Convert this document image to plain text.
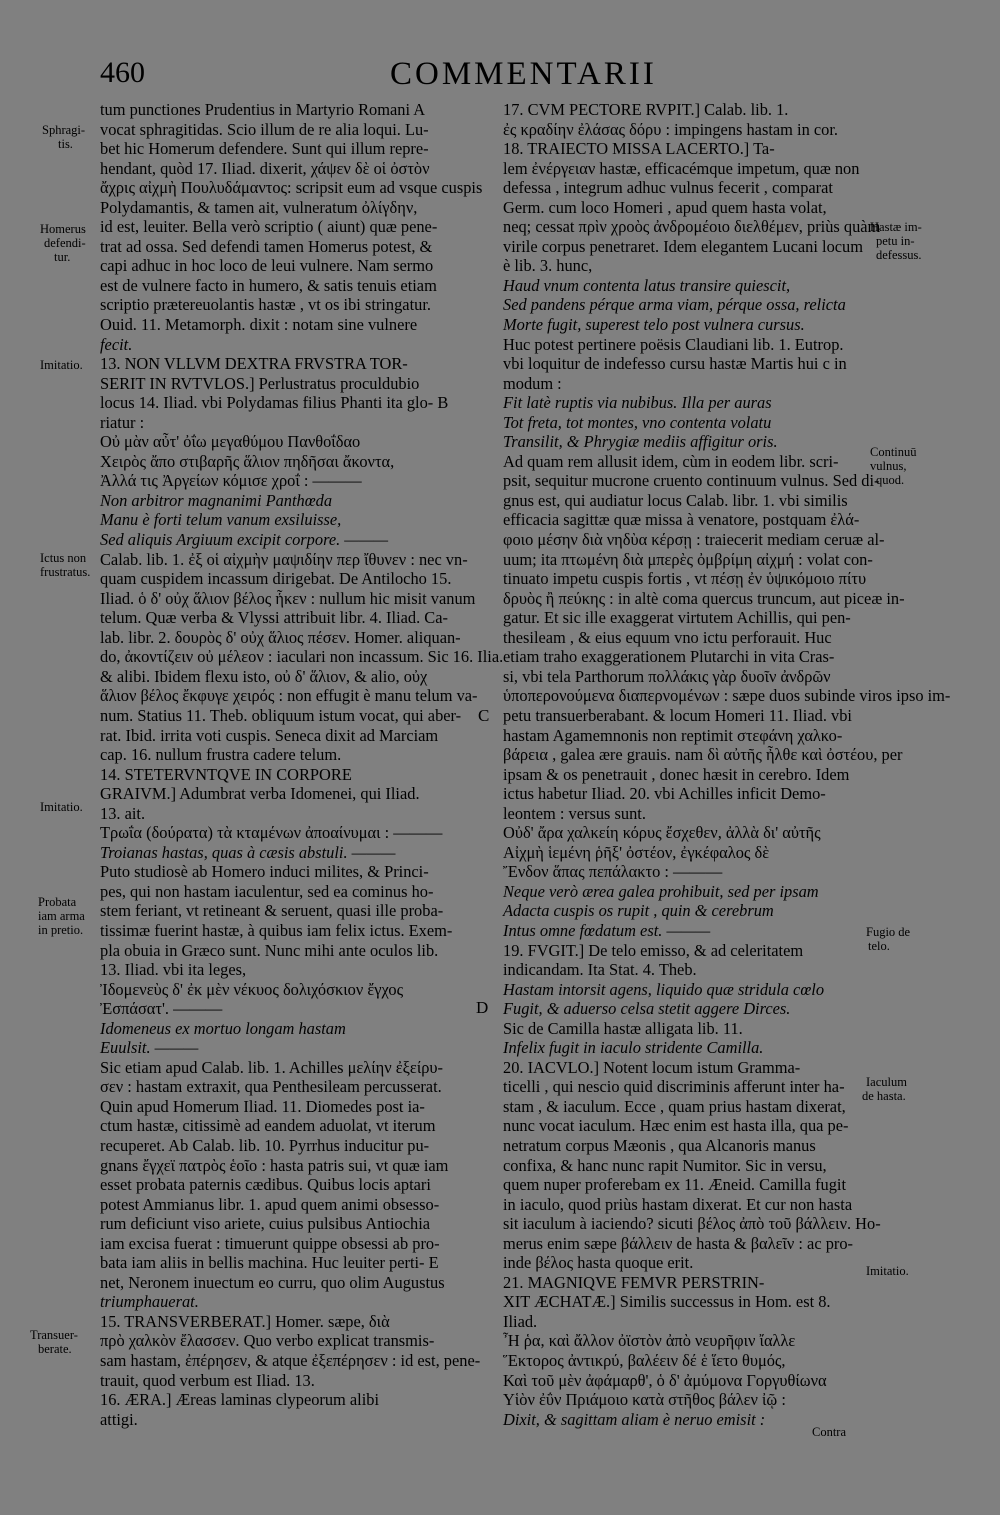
460	COMMENTARII
tum punctiones Prudentius in Martyrio Romani A
vocat sphragitidas. Scio illum de re alia loqui. Lu-
bet hic Homerum defendere. Sunt qui illum repre-
hendant, quòd 17. Iliad. dixerit, χάψεν δὲ οἱ ὀστὸν
ἄχρις αἰχμὴ Πουλυδάμαντος: scripsit eum ad vsque cuspis
Polydamantis, & tamen ait, vulneratum ὀλίγδην,
id est, leuiter. Bella verò scriptio ( aiunt) quæ pene-
trat ad ossa. Sed defendi tamen Homerus potest, &
capi adhuc in hoc loco de leui vulnere. Nam sermo
est de vulnere facto in humero, & satis tenuis etiam
scriptio prætereuolantis hastæ , vt os ibi stringatur.
Ouid. 11. Metamorph. dixit : notam sine vulnere
fecit.
13. NON VLLVM DEXTRA FRVSTRA TOR-
SERIT IN RVTVLOS.] Perlustratus proculdubio
locus 14. Iliad. vbi Polydamas filius Phanti ita glo- B
riatur :
Οὐ μὰν αὖτ' ὀΐω μεγαθύμου Πανθοΐδαο
Χειρὸς ἄπο στιβαρῆς ἅλιον πηδῆσαι ἄκοντα,
Ἀλλά τις Ἀργείων κόμισε χροΐ : ———
Non arbitror magnanimi Panthœda
Manu è forti telum vanum exsiluisse,
Sed aliquis Argiuum excipit corpore. ———
Calab. lib. 1. ἐξ οἱ αἰχμὴν μαψιδίην περ ἴθυνεν : nec vn-
quam cuspidem incassum dirigebat. De Antilocho 15.
Iliad. ὁ δ' οὐχ ἅλιον βέλος ἧκεν : nullum hic misit vanum
telum. Quæ verba & Vlyssi attribuit libr. 4. Iliad. Ca-
lab. libr. 2. δουρὸς δ' οὐχ ἅλιος πέσεν. Homer. aliquan-
do, ἀκοντίζειν οὐ μέλεον : iaculari non incassum. Sic 16. Ilia.
& alibi. Ibidem flexu isto, οὐ δ' ἅλιον, & alio, οὐχ
ἅλιον βέλος ἔκφυγε χειρός : non effugit è manu telum va-
num. Statius 11. Theb. obliquum istum vocat, qui aber-
rat. Ibid. irrita voti cuspis. Seneca dixit ad Marciam
cap. 16. nullum frustra cadere telum.
14. STETERVNTQVE IN CORPORE
GRAIVM.] Adumbrat verba Idomenei, qui Iliad.
13. ait.
Τρωΐα (δούρατα) τὰ κταμένων ἀποαίνυμαι : ———
Troianas hastas, quas à cæsis abstuli. ———
Puto studiosè ab Homero induci milites, & Princi-
pes, qui non hastam iaculentur, sed ea cominus ho-
stem feriant, vt retineant & seruent, quasi ille proba-
tissimæ fuerint hastæ, à quibus iam felix ictus. Exem-
pla obuia in Græco sunt. Nunc mihi ante oculos lib.
13. Iliad. vbi ita leges,
Ἰδομενεὺς δ' ἐκ μὲν νέκυος δολιχόσκιον ἔγχος
Ἐσπάσατ'. ———
Idomeneus ex mortuo longam hastam
Euulsit. ———
Sic etiam apud Calab. lib. 1. Achilles μελίην ἐξείρυ-
σεν : hastam extraxit, qua Penthesileam percusserat.
Quin apud Homerum Iliad. 11. Diomedes post ia-
ctum hastæ, citissimè ad eandem aduolat, vt iterum
recuperet. Ab Calab. lib. 10. Pyrrhus inducitur pu-
gnans ἔγχεϊ πατρὸς ἑοῖο : hasta patris sui, vt quæ iam
esset probata paternis cædibus. Quibus locis aptari
potest Ammianus libr. 1. apud quem animi obsesso-
rum deficiunt viso ariete, cuius pulsibus Antiochia
iam excisa fuerat : timuerunt quippe obsessi ab pro-
bata iam aliis in bellis machina. Huc leuiter perti- E
net, Neronem inuectum eo curru, quo olim Augustus
triumphauerat.
15. TRANSVERBERAT.] Homer. sæpe, διὰ
πρὸ χαλκὸν ἔλασσεν. Quo verbo explicat transmis-
sam hastam, ἐπέρησεν, & atque ἐξεπέρησεν : id est, pene-
trauit, quod verbum est Iliad. 13.
16. ÆRA.] Æreas laminas clypeorum alibi
attigi.
17. CVM PECTORE RVPIT.] Calab. lib. 1.
ἐς κραδίην ἐλάσας δόρυ : impingens hastam in cor.
18. TRAIECTO MISSA LACERTO.] Ta-
lem ἐνέργειαν hastæ, efficacémque impetum, quæ non
defessa , integrum adhuc vulnus fecerit , comparat
Germ. cum loco Homeri , apud quem hasta volat,
neq; cessat πρὶν χροὸς ἀνδρομέοιο διελθέμεν, priùs quàm
virile corpus penetraret. Idem elegantem Lucani locum
è lib. 3. hunc,
Haud vnum contenta latus transire quiescit,
Sed pandens pérque arma viam, pérque ossa, relicta
Morte fugit, superest telo post vulnera cursus.
Huc potest pertinere poësis Claudiani lib. 1. Eutrop.
vbi loquitur de indefesso cursu hastæ Martis hui c in
modum :
Fit latè ruptis via nubibus. Illa per auras
Tot freta, tot montes, vno contenta volatu
Transilit, & Phrygiæ mediis affigitur oris.
Ad quam rem allusit idem, cùm in eodem libr. scri-
psit, sequitur mucrone cruento continuum vulnus. Sed di-
gnus est, qui audiatur locus Calab. libr. 1. vbi similis
efficacia sagittæ quæ missa à venatore, postquam ἐλά-
φοιο μέσην διὰ νηδὺα κέρσῃ : traiecerit mediam ceruæ al-
uum; ita πτωμένη διὰ μπερὲς ὀμβρίμη αἰχμή : volat con-
tinuato impetu cuspis fortis , vt πέσῃ ἐν ὑψικόμοιο πίτυ
δρυὸς ἢ πεύκης : in altè coma quercus truncum, aut piceæ in-
gatur. Et sic ille exaggerat virtutem Achillis, qui pen-
thesileam , & eius equum vno ictu perforauit. Huc
etiam traho exaggerationem Plutarchi in vita Cras-
si, vbi tela Parthorum πολλάκις γὰρ δυοῖν ἀνδρῶν
ὑποπερονούμενα διαπερνομένων : sæpe duos subinde viros ipso im-
petu transuerberabant. & locum Homeri 11. Iliad. vbi
hastam Agamemnonis non reptimit στεφάνη χαλκο-
βάρεια , galea ære grauis. nam δὶ αὐτῆς ἦλθε καὶ ὀστέου, per
ipsam & os penetrauit , donec hæsit in cerebro. Idem
ictus habetur Iliad. 20. vbi Achilles inficit Demo-
leontem : versus sunt.
Οὐδ' ἄρα χαλκείη κόρυς ἔσχεθεν, ἀλλὰ δι' αὐτῆς
Αἰχμὴ ἱεμένη ῥῆξ' ὀστέον, ἐγκέφαλος δὲ
Ἔνδον ἅπας πεπάλακτο : ———
Neque verò ærea galea prohibuit, sed per ipsam
Adacta cuspis os rupit , quin & cerebrum
Intus omne fœdatum est. ———
19. FVGIT.] De telo emisso, & ad celeritatem
indicandam. Ita Stat. 4. Theb.
Hastam intorsit agens, liquido quæ stridula cœlo
Fugit, & aduerso celsa stetit aggere Dirces.
Sic de Camilla hastæ alligata lib. 11.
Infelix fugit in iaculo stridente Camilla.
20. IACVLO.] Notent locum istum Gramma-
ticelli , qui nescio quid discriminis afferunt inter ha-
stam , & iaculum. Ecce , quam prius hastam dixerat,
nunc vocat iaculum. Hæc enim est hasta illa, qua pe-
netratum corpus Mæonis , qua Alcanoris manus
confixa, & hanc nunc rapit Numitor. Sic in versu,
quem nuper proferebam ex 11. Æneid. Camilla fugit
in iaculo, quod priùs hastam dixerat. Et cur non hasta
sit iaculum à iaciendo? sicuti βέλος ἀπὸ τοῦ βάλλειν. Ho-
merus enim sæpe βάλλειν de hasta & βαλεῖν : ac pro-
inde βέλος hasta quoque erit.
21. MAGNIQVE FEMVR PERSTRIN-
XIT ÆCHATÆ.] Similis successus in Hom. est 8.
Iliad.
Ἦ ῥα, καὶ ἄλλον ὀϊστὸν ἀπὸ νευρῆφιν ἴαλλε
Ἕκτορος ἀντικρύ, βαλέειν δέ ἑ ἵετο θυμός,
Καὶ τοῦ μὲν ἀφάμαρθ', ὁ δ' ἀμύμονα Γοργυθίωνα
Υἱὸν ἐΰν Πριάμοιο κατὰ στῆθος βάλεν ἰῷ :
Dixit, & sagittam aliam è neruo emisit :
Sphragi-
tis.
Homerus
defendi-
tur.
Imitatio.
Ictus non
frustratus.
Imitatio.
Probata
iam arma
in pretio.
Transuer-
berate.
Hastæ im-
petu in-
defessus.
Continuū
vulnus,
quod.
Fugio de
telo.
Iaculum
de hasta.
Imitatio.
Contra
C
D
